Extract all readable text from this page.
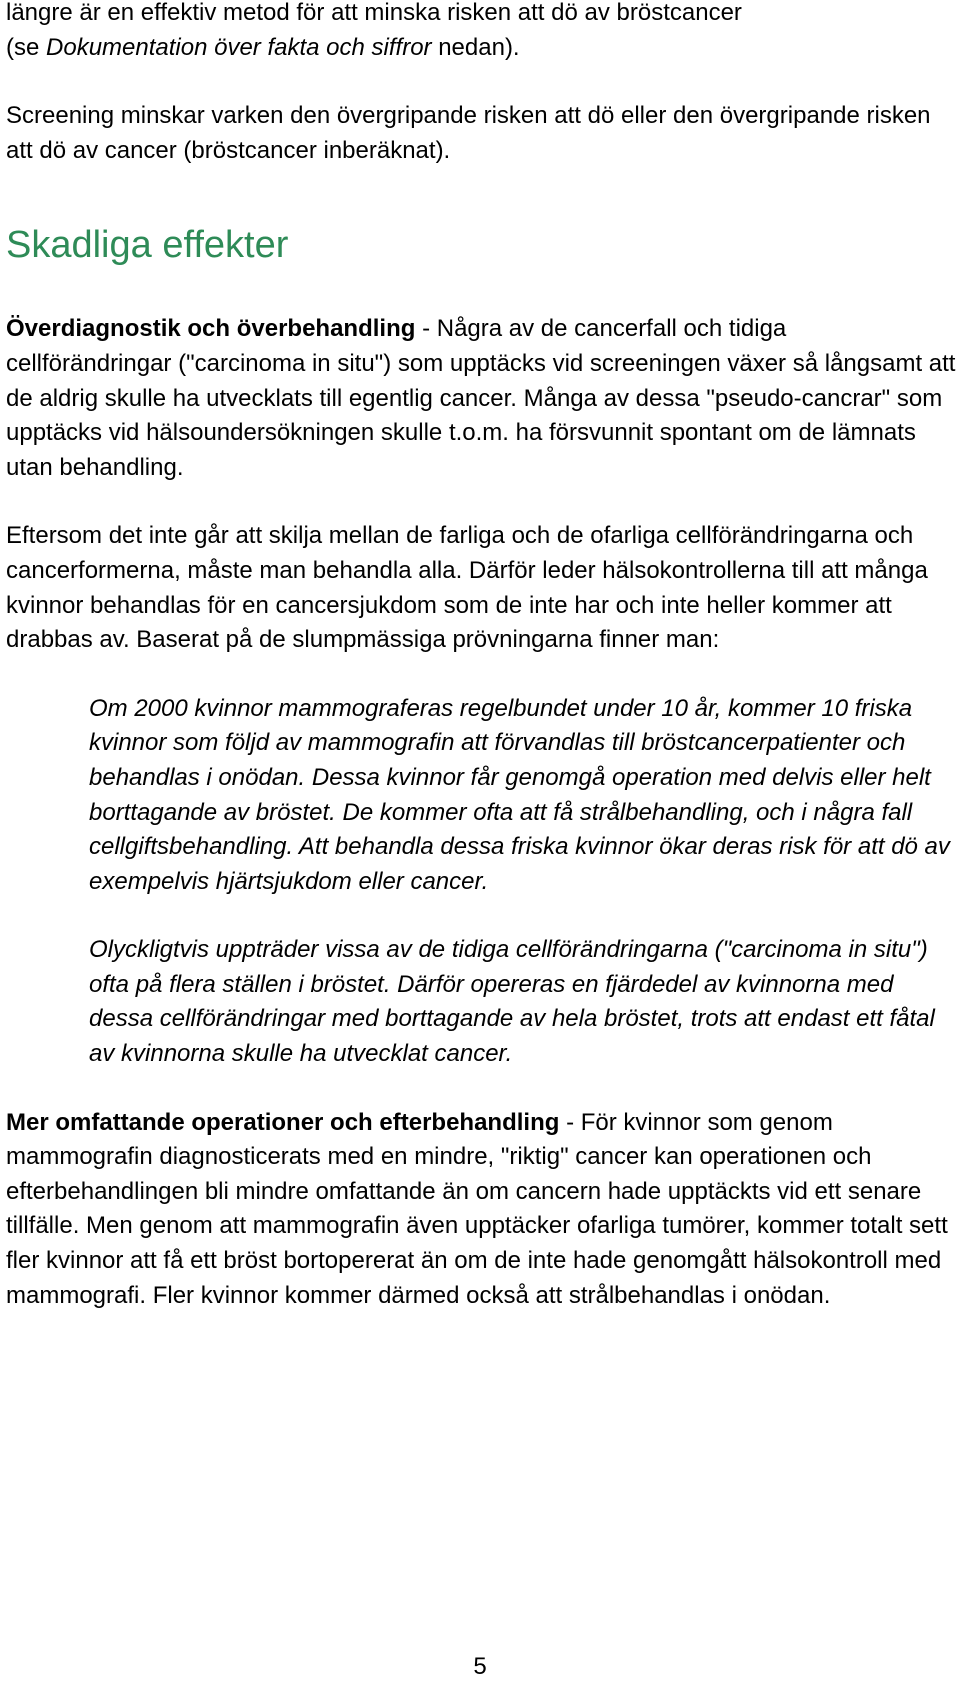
längre är en effektiv metod för att minska risken att dö av bröstcancer
(se Dokumentation över fakta och siffror nedan).

Screening minskar varken den övergripande risken att dö eller den övergripande risken att dö av cancer (bröstcancer inberäknat).

Skadliga effekter

Överdiagnostik och överbehandling - Några av de cancerfall och tidiga cellförändringar ("carcinoma in situ") som upptäcks vid screeningen växer så långsamt att de aldrig skulle ha utvecklats till egentlig cancer. Många av dessa "pseudo-cancrar" som upptäcks vid hälsoundersökningen skulle t.o.m. ha försvunnit spontant om de lämnats utan behandling.

Eftersom det inte går att skilja mellan de farliga och de ofarliga cellförändringarna och cancerformerna, måste man behandla alla. Därför leder hälsokontrollerna till att många kvinnor behandlas för en cancersjukdom som de inte har och inte heller kommer att drabbas av. Baserat på de slumpmässiga prövningarna finner man:

Om 2000 kvinnor mammograferas regelbundet under 10 år, kommer 10 friska kvinnor som följd av mammografin att förvandlas till bröstcancerpatienter och behandlas i onödan. Dessa kvinnor får genomgå operation med delvis eller helt borttagande av bröstet. De kommer ofta att få strålbehandling, och i några fall cellgiftsbehandling. Att behandla dessa friska kvinnor ökar deras risk för att dö av exempelvis hjärtsjukdom eller cancer.

Olyckligtvis uppträder vissa av de tidiga cellförändringarna ("carcinoma in situ") ofta på flera ställen i bröstet. Därför opereras en fjärdedel av kvinnorna med dessa cellförändringar med borttagande av hela bröstet, trots att endast ett fåtal av kvinnorna skulle ha utvecklat cancer.

Mer omfattande operationer och efterbehandling - För kvinnor som genom mammografin diagnosticerats med en mindre, "riktig" cancer kan operationen och efterbehandlingen bli mindre omfattande än om cancern hade upptäckts vid ett senare tillfälle. Men genom att mammografin även upptäcker ofarliga tumörer, kommer totalt sett fler kvinnor att få ett bröst bortopererat än om de inte hade genomgått hälsokontroll med mammografi. Fler kvinnor kommer därmed också att strålbehandlas i onödan.

5
